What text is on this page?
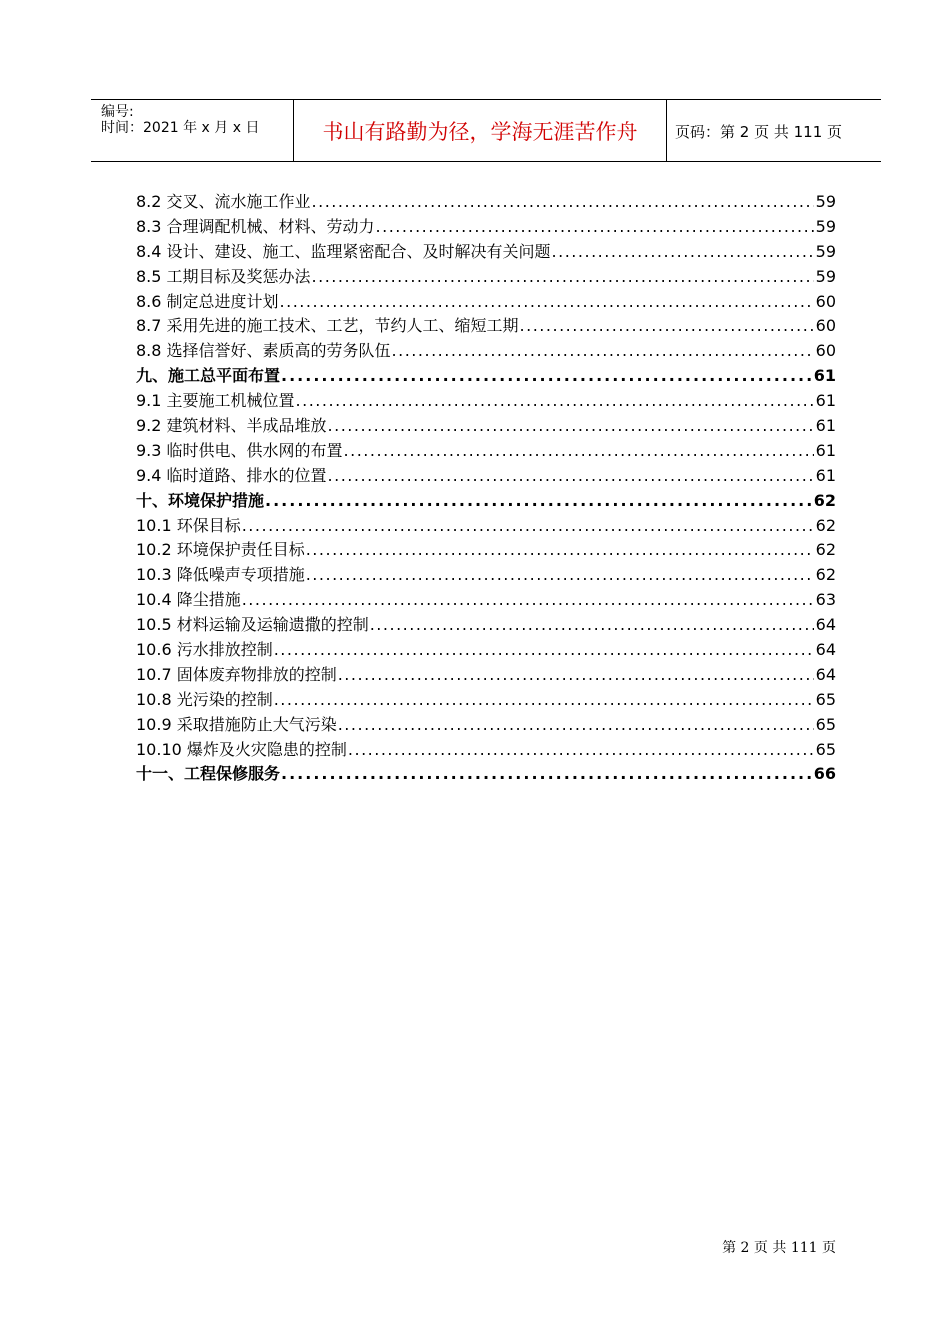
编号:
时间：2021 年 x 月 x 日	书山有路勤为径，学海无涯苦作舟	页码：第 2 页 共 111 页
8.2 交叉、流水施工作业 .....	59
8.3 合理调配机械、材料、劳动力 .....	59
8.4 设计、建设、施工、监理紧密配合、及时解决有关问题 .....	59
8.5 工期目标及奖惩办法 .....	59
8.6 制定总进度计划 .....	60
8.7 采用先进的施工技术、工艺，节约人工、缩短工期 .....	60
8.8 选择信誉好、素质高的劳务队伍 .....	60
九、施工总平面布置 .....	61
9.1 主要施工机械位置 .....	61
9.2 建筑材料、半成品堆放 .....	61
9.3 临时供电、供水网的布置 .....	61
9.4 临时道路、排水的位置 .....	61
十、环境保护措施 .....	62
10.1 环保目标 .....	62
10.2 环境保护责任目标 .....	62
10.3 降低噪声专项措施 .....	62
10.4 降尘措施 .....	63
10.5 材料运输及运输遗撒的控制 .....	64
10.6 污水排放控制 .....	64
10.7 固体废弃物排放的控制 .....	64
10.8 光污染的控制 .....	65
10.9 采取措施防止大气污染 .....	65
10.10 爆炸及火灾隐患的控制 .....	65
十一、工程保修服务 .....	66
第 2 页 共 111 页
